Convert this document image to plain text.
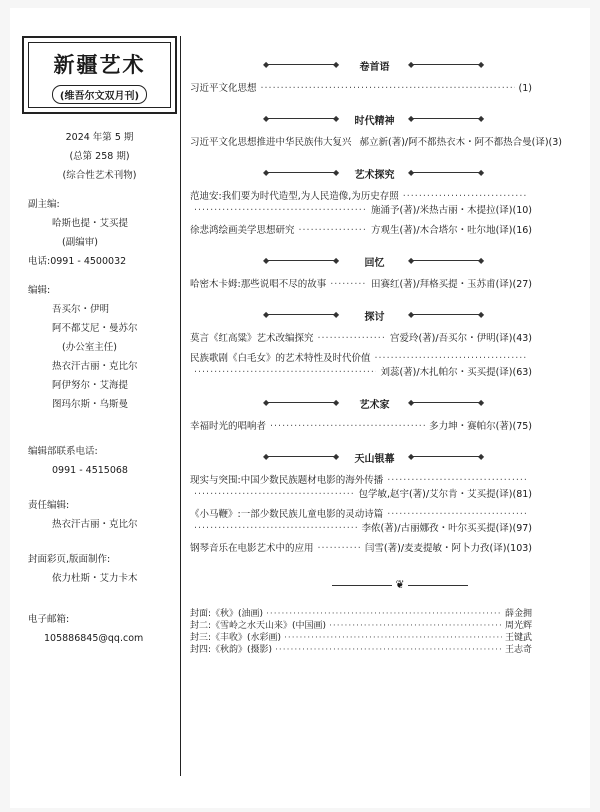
新疆艺术
(维吾尔文双月刊)
2024 年第 5 期
(总第 258 期)
(综合性艺术刊物)
副主编:
哈斯也提・艾买提
(副编审)
电话:0991 - 4500032
编辑:
吾买尔・伊明
阿不都艾尼・曼苏尔
(办公室主任)
热衣汗古丽・克比尔
阿伊努尔・艾海提
图玛尔斯・乌斯曼
编辑部联系电话:
0991 - 4515068
责任编辑:
热衣汗古丽・克比尔
封面彩页,版面制作:
依力杜斯・艾力卡木
电子邮箱:
105886845@qq.com
◆	◆	◆	◆
卷首语
习近平文化思想 ·····	(1)
◆	◆	◆	◆
时代精神
习近平文化思想推进中华民族伟大复兴 郝立新(著)/阿不都热衣木・阿不都热合曼(译) (3)
◆	◆	◆	◆
艺术探究
范迪安:我们要为时代造型,为人民造像,为历史存照
·····
·····
施涌予(著)/米热古丽・木提拉(译) (10)
徐悲鸿绘画美学思想研究 ·····	方观生(著)/木合塔尔・吐尔地(译) (16)
◆	◆	◆	◆
回忆
哈密木卡姆:那些说唱不尽的故事 ·····	田赛红(著)/拜格买提・玉苏甫(译) (27)
◆	◆	◆	◆
探讨
莫言《红高粱》艺术改编探究 ·····	宫爱玲(著)/吾买尔・伊明(译) (43)
民族歌剧《白毛女》的艺术特性及时代价值
·····
·····
刘蕊(著)/木扎帕尔・买买提(译) (63)
◆	◆	◆	◆
艺术家
幸福时光的唱响者 ·····	多力坤・赛帕尔(著) (75)
◆	◆	◆	◆
天山银幕
现实与突围:中国少数民族题材电影的海外传播
·····
·····
包学敏,赵宇(著)/艾尔肯・艾买提(译) (81)
《小马鞭》:一部少数民族儿童电影的灵动诗篇
·····
·····
李侬(著)/古丽娜孜・叶尔买买提(译) (97)
钢琴音乐在电影艺术中的应用 ·····	闫雪(著)/麦麦提敏・阿卜力孜(译) (103)
❦
封面:《秋》(油画) ·····	薛金拥
封二:《雪岭之水天山来》(中国画) ·····	周光辉
封三:《丰收》(水彩画) ·····	王键武
封四:《秋韵》(摄影) ·····	王志奇
